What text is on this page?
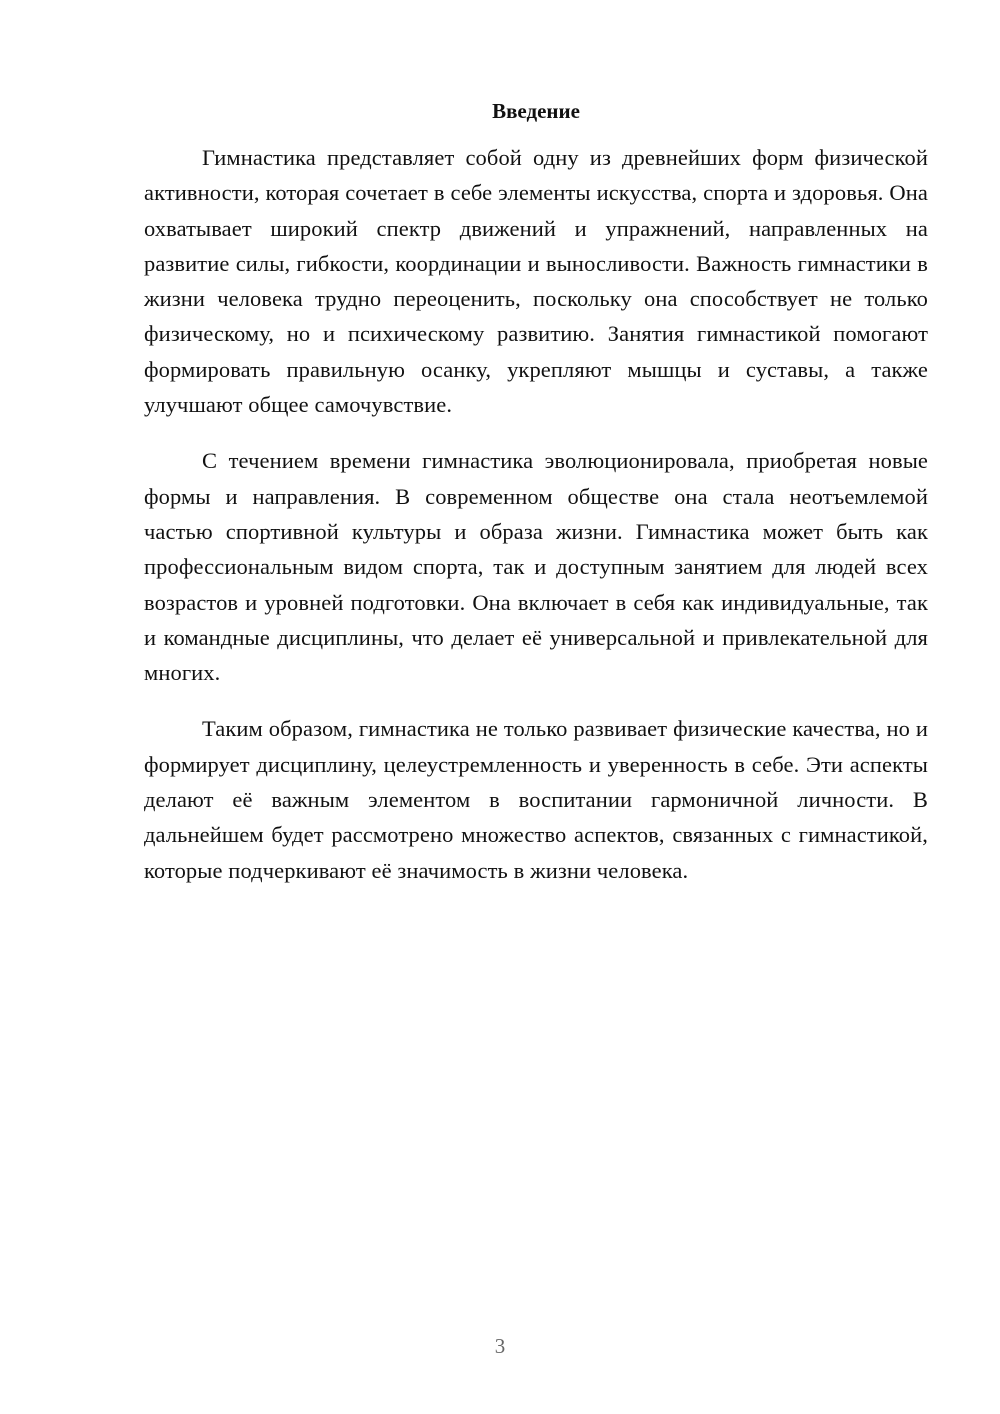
Введение

Гимнастика представляет собой одну из древнейших форм физической активности, которая сочетает в себе элементы искусства, спорта и здоровья. Она охватывает широкий спектр движений и упражнений, направленных на развитие силы, гибкости, координации и выносливости. Важность гимнастики в жизни человека трудно переоценить, поскольку она способствует не только физическому, но и психическому развитию. Занятия гимнастикой помогают формировать правильную осанку, укрепляют мышцы и суставы, а также улучшают общее самочувствие.

С течением времени гимнастика эволюционировала, приобретая новые формы и направления. В современном обществе она стала неотъемлемой частью спортивной культуры и образа жизни. Гимнастика может быть как профессиональным видом спорта, так и доступным занятием для людей всех возрастов и уровней подготовки. Она включает в себя как индивидуальные, так и командные дисциплины, что делает её универсальной и привлекательной для многих.

Таким образом, гимнастика не только развивает физические качества, но и формирует дисциплину, целеустремленность и уверенность в себе. Эти аспекты делают её важным элементом в воспитании гармоничной личности. В дальнейшем будет рассмотрено множество аспектов, связанных с гимнастикой, которые подчеркивают её значимость в жизни человека.

3
